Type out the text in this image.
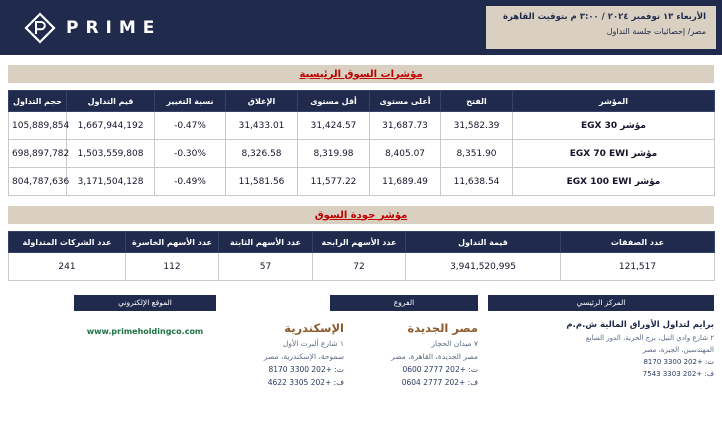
PRIME
الأربعاء ١٣ نوفمبر ٢٠٢٤ / ٣:٠٠ م بتوقيت القاهرة
مصر/ إحصائيات جلسة التداول
مؤشرات السوق الرئيسية
المؤشر	الفتح	أعلى مستوى	أقل مستوى	الإغلاق	نسبة التغيير	قيم التداول	حجم التداول
مؤشر EGX 30	31,582.39	31,687.73	31,424.57	31,433.01	-0.47%	1,667,944,192	105,889,854
مؤشر EGX 70 EWI	8,351.90	8,405.07	8,319.98	8,326.58	-0.30%	1,503,559,808	698,897,782
مؤشر EGX 100 EWI	11,638.54	11,689.49	11,577.22	11,581.56	-0.49%	3,171,504,128	804,787,636
مؤشر جودة السوق
عدد الصفقات	قيمة التداول	عدد الأسهم الرابحة	عدد الأسهم الثابتة	عدد الأسهم الخاسرة	عدد الشركات المتداولة
121,517	3,941,520,995	72	57	112	241
المركز الرئيسي
برايم لتداول الأوراق المالية ش.م.م
٢ شارع وادي النيل، برج الحرية، الدور السابع
المهندسين، الجيزة، مصر
ت: +202 3300 8170
ف: +202 3303 7543
الفروع
مصر الجديدة
٧ ميدان الحجاز
مصر الجديدة، القاهرة، مصر
ت: +202 2777 0600
ف: +202 2777 0604
الإسكندرية
١ شارع ألبرت الأول
سموحة، الإسكندرية، مصر
ت: +202 3300 8170
ف: +202 3305 4622
الموقع الإلكتروني
www.primeholdingco.com
